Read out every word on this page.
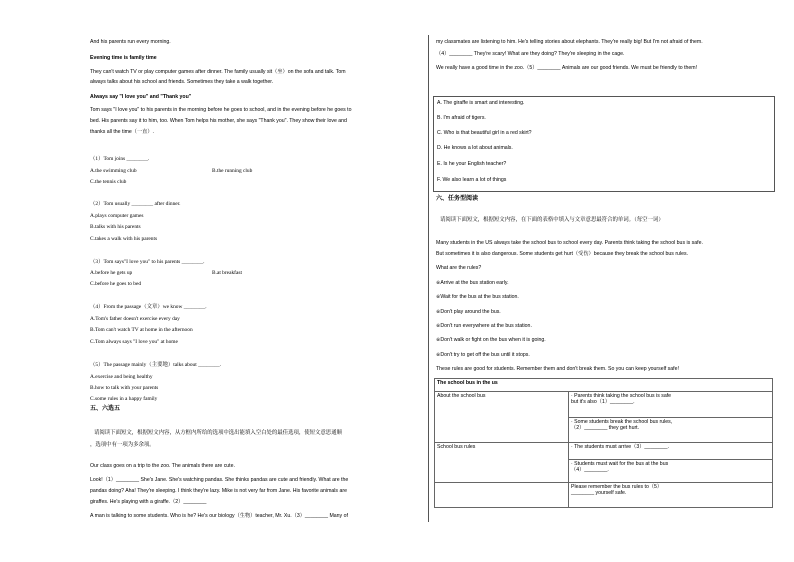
And his parents run every morning.
Evening time is family time
They can't watch TV or play computer games after dinner. The family usually sit（坐）on the sofa and talk. Tom
always talks about his school and friends. Sometimes they take a walk together.
Always say "I love you" and "Thank you"
Tom says "I love you" to his parents in the morning before he goes to school, and in the evening before he goes to
bed. His parents say it to him, too. When Tom helps his mother, she says "Thank you". They show their love and
thanks all the time（一直）.
（1）Tom joins ________.
A.the swimming club	B.the running club
C.the tennis club
（2）Tom usually ________ after dinner.
A.plays computer games
B.talks with his parents
C.takes a walk with his parents
（3）Tom says"I love you" to his parents ________.
A.before he gets up	B.at breakfast
C.before he goes to bed
（4）From the passage（文章）we know ________.
A.Tom's father doesn't exercise every day
B.Tom can't watch TV at home in the afternoon
C.Tom always says "I love you" at home
（5）The passage mainly（主要地）talks about ________.
A.exercise and being healthy
B.how to talk with your parents
C.some rules in a happy family
五、六选五
请阅读下面短文，根据短文内容，从方框内所给的选项中选出能填入空白处的最佳选项，使短文意思通顺
，选项中有一项为多余项。
Our class goes on a trip to the zoo. The animals there are cute.
Look!（1）________ She's Jane. She's watching pandas. She thinks pandas are cute and friendly. What are the
pandas doing? Aha! They're sleeping. I think they're lazy. Mike is not very far from Jane. His favorite animals are
giraffes. He's playing with a giraffe.（2）________
A man is talking to some students. Who is he? He's our biology（生物）teacher, Mr. Xu.（3）________ Many of
my classmates are listening to him. He's telling stories about elephants. They're really big! But I'm not afraid of them.
（4）________ They're scary! What are they doing? They're sleeping in the cage.
We really have a good time in the zoo.（5）________ Animals are our good friends. We must be friendly to them!
A. The giraffe is smart and interesting.
B. I'm afraid of tigers.
C. Who is that beautiful girl in a red skirt?
D. He knows a lot about animals.
E. Is he your English teacher?
F. We also learn a lot of things
六、任务型阅读
请阅读下面短文，根据短文内容，在下面的表格中填入与文章意思最符合的单词。（每空一词）
Many students in the US always take the school bus to school every day. Parents think taking the school bus is safe.
But sometimes it is also dangerous. Some students get hurt（受伤）because they break the school bus rules.
What are the rules?
※Arrive at the bus station early.
※Wait for the bus at the bus station.
※Don't play around the bus.
※Don't run everywhere at the bus station.
※Don't walk or fight on the bus when it is going.
※Don't try to get off the bus until it stops.
These rules are good for students. Remember them and don't break them. So you can keep yourself safe!
The school bus in the us	
About the school bus	· Parents think taking the school bus is safe
but it's also（1）________.

	· Some students break the school bus rules,
（2）________ they get hurt.

School bus rules	· The students must arrive（3）________.

	· Students must wait for the bus at the bus
（4）________.

	Please remember the bus rules to（5）
________ yourself safe.
